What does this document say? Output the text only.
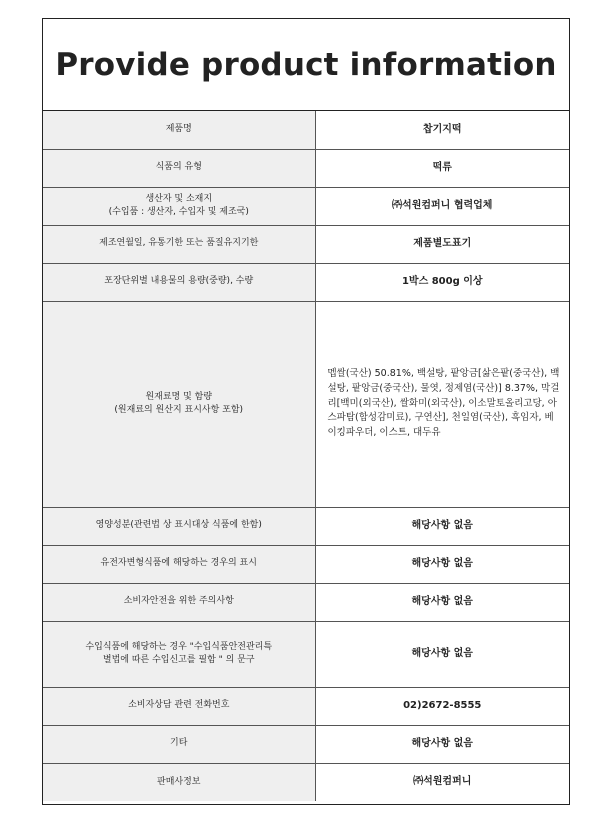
Provide product information
제품명	찹기지떡
식품의 유형	떡류
생산자 및 소재지
(수입품 : 생산자, 수입자 및 제조국)	㈜석원컴퍼니 협력업체
제조연월일, 유통기한 또는 품질유지기한	제품별도표기
포장단위별 내용물의 용량(중량), 수량	1박스 800g 이상
원재료명 및 함량
(원재료의 원산지 표시사항 포함)	멥쌀(국산) 50.81%, 백설탕, 팥앙금[삶은팥(중국산), 백설탕, 팥앙금(중국산), 물엿, 정제염(국산)] 8.37%, 막걸리[백미(외국산), 쌀화미(외국산), 이소말토올리고당, 아스파탐(합성감미료), 구연산], 천일염(국산), 흑임자, 베이킹파우더, 이스트, 대두유
영양성분(관련법 상 표시대상 식품에 한함)	해당사항 없음
유전자변형식품에 해당하는 경우의 표시	해당사항 없음
소비자안전을 위한 주의사항	해당사항 없음
수입식품에 해당하는 경우 "수입식품안전관리특
별법에 따른 수입신고를 필함 " 의 문구	해당사항 없음
소비자상담 관련 전화번호	02)2672-8555
기타	해당사항 없음
판매사정보	㈜석원컴퍼니
